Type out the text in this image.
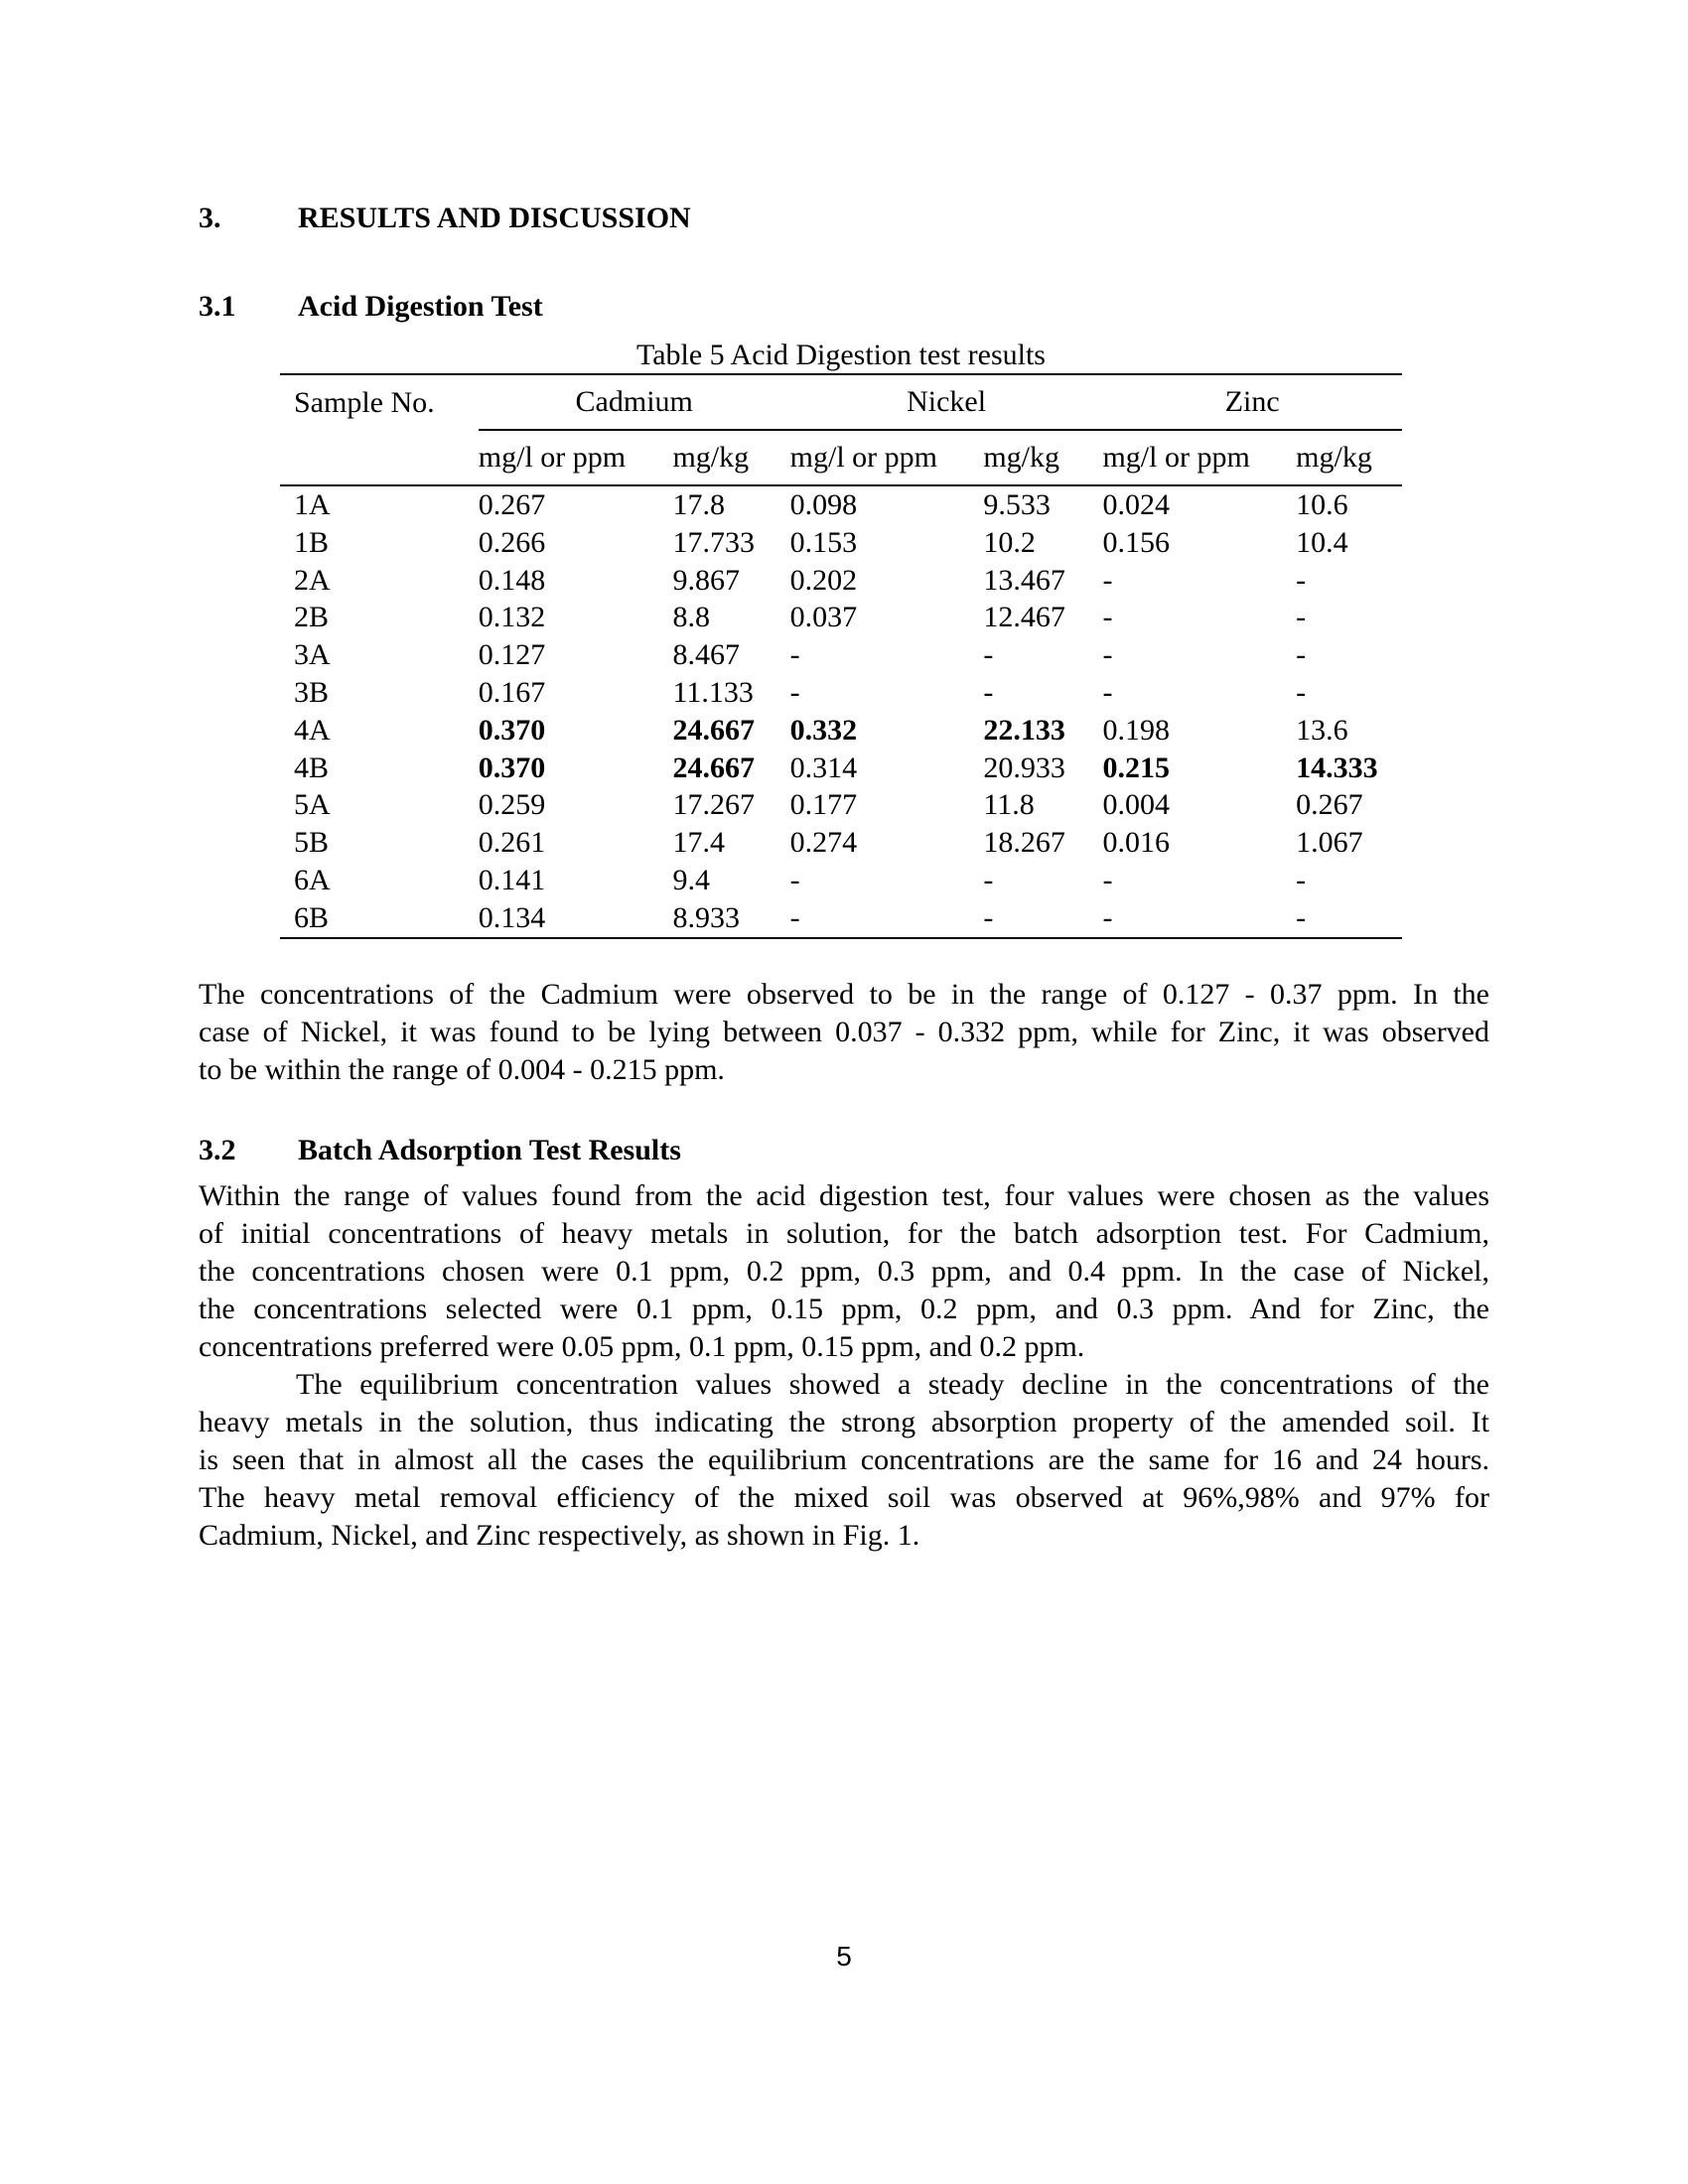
3.	RESULTS AND DISCUSSION
3.1 Acid Digestion Test
Table 5 Acid Digestion test results
Sample No.	Cadmium		Nickel		Zinc	
	mg/l or ppm	mg/kg	mg/l or ppm	mg/kg	mg/l or ppm	mg/kg
1A	0.267	17.8	0.098	9.533	0.024	10.6
1B	0.266	17.733	0.153	10.2	0.156	10.4
2A	0.148	9.867	0.202	13.467	-	-
2B	0.132	8.8	0.037	12.467	-	-
3A	0.127	8.467	-	-	-	-
3B	0.167	11.133	-	-	-	-
4A	0.370	24.667	0.332	22.133	0.198	13.6
4B	0.370	24.667	0.314	20.933	0.215	14.333
5A	0.259	17.267	0.177	11.8	0.004	0.267
5B	0.261	17.4	0.274	18.267	0.016	1.067
6A	0.141	9.4	-	-	-	-
6B	0.134	8.933	-	-	-	-
The concentrations of the Cadmium were observed to be in the range of 0.127 - 0.37 ppm. In the
case of Nickel, it was found to be lying between 0.037 - 0.332 ppm, while for Zinc, it was observed
to be within the range of 0.004 - 0.215 ppm.
3.2 Batch Adsorption Test Results
Within the range of values found from the acid digestion test, four values were chosen as the values
of initial concentrations of heavy metals in solution, for the batch adsorption test. For Cadmium,
the concentrations chosen were 0.1 ppm, 0.2 ppm, 0.3 ppm, and 0.4 ppm. In the case of Nickel,
the concentrations selected were 0.1 ppm, 0.15 ppm, 0.2 ppm, and 0.3 ppm. And for Zinc, the
concentrations preferred were 0.05 ppm, 0.1 ppm, 0.15 ppm, and 0.2 ppm.
The equilibrium concentration values showed a steady decline in the concentrations of the
heavy metals in the solution, thus indicating the strong absorption property of the amended soil. It
is seen that in almost all the cases the equilibrium concentrations are the same for 16 and 24 hours.
The heavy metal removal efficiency of the mixed soil was observed at 96%,98% and 97% for
Cadmium, Nickel, and Zinc respectively, as shown in Fig. 1.
5
